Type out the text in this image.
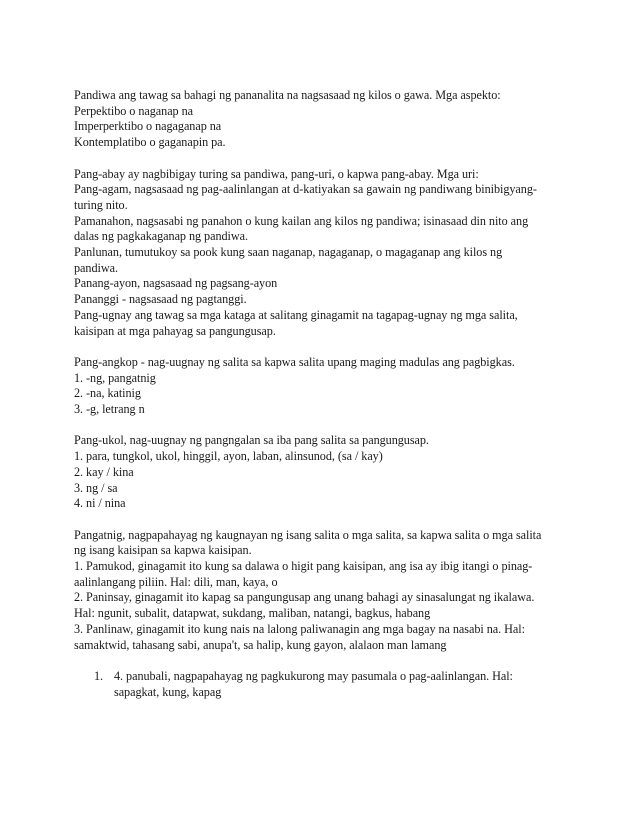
Pandiwa ang tawag sa bahagi ng pananalita na nagsasaad ng kilos o gawa. Mga aspekto:
Perpektibo o naganap na
Imperperktibo o nagaganap na
Kontemplatibo o gaganapin pa.
Pang-abay ay nagbibigay turing sa pandiwa, pang-uri, o kapwa pang-abay. Mga uri:
Pang-agam, nagsasaad ng pag-aalinlangan at d-katiyakan sa gawain ng pandiwang binibigyang-
turing nito.
Pamanahon, nagsasabi ng panahon o kung kailan ang kilos ng pandiwa; isinasaad din nito ang
dalas ng pagkakaganap ng pandiwa.
Panlunan, tumutukoy sa pook kung saan naganap, nagaganap, o magaganap ang kilos ng
pandiwa.
Panang-ayon, nagsasaad ng pagsang-ayon
Pananggi - nagsasaad ng pagtanggi.
Pang-ugnay ang tawag sa mga kataga at salitang ginagamit na tagapag-ugnay ng mga salita,
kaisipan at mga pahayag sa pangungusap.
Pang-angkop - nag-uugnay ng salita sa kapwa salita upang maging madulas ang pagbigkas.
1. -ng, pangatnig
2. -na, katinig
3. -g, letrang n
Pang-ukol, nag-uugnay ng pangngalan sa iba pang salita sa pangungusap.
1. para, tungkol, ukol, hinggil, ayon, laban, alinsunod, (sa / kay)
2. kay / kina
3. ng / sa
4. ni / nina
Pangatnig, nagpapahayag ng kaugnayan ng isang salita o mga salita, sa kapwa salita o mga salita
ng isang kaisipan sa kapwa kaisipan.
1. Pamukod, ginagamit ito kung sa dalawa o higit pang kaisipan, ang isa ay ibig itangi o pinag-
aalinlangang piliin. Hal: dili, man, kaya, o
2. Paninsay, ginagamit ito kapag sa pangungusap ang unang bahagi ay sinasalungat ng ikalawa.
Hal: ngunit, subalit, datapwat, sukdang, maliban, natangi, bagkus, habang
3. Panlinaw, ginagamit ito kung nais na lalong paliwanagin ang mga bagay na nasabi na. Hal:
samaktwid, tahasang sabi, anupa't, sa halip, kung gayon, alalaon man lamang
1. 4. panubali, nagpapahayag ng pagkukurong may pasumala o pag-aalinlangan. Hal:
sapagkat, kung, kapag
